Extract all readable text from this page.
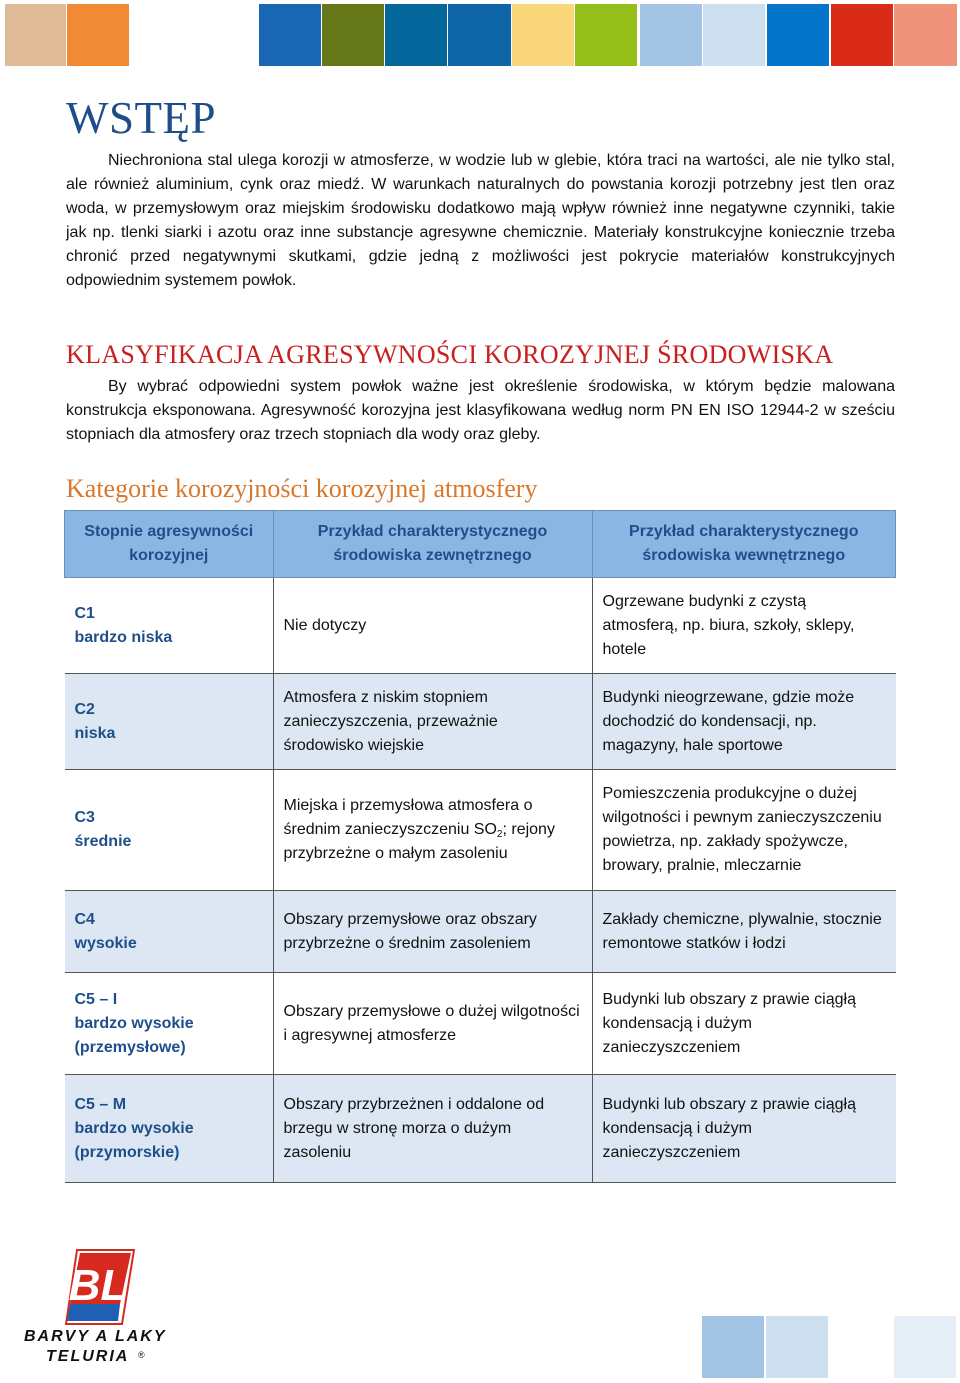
WSTĘP

Niechroniona stal ulega korozji w atmosferze, w wodzie lub w glebie, która traci na wartości, ale nie tylko stal, ale również aluminium, cynk oraz miedź. W warunkach naturalnych do powstania korozji potrzebny jest tlen oraz woda, w przemysłowym oraz miejskim środowisku dodatkowo mają wpływ również inne negatywne czynniki, takie jak np. tlenki siarki i azotu oraz inne substancje agresywne chemicznie. Materiały konstrukcyjne koniecznie trzeba chronić przed negatywnymi skutkami, gdzie jedną z możliwości jest pokrycie materiałów konstrukcyjnych odpowiednim systemem powłok.

KLASYFIKACJA AGRESYWNOŚCI KOROZYJNEJ ŚRODOWISKA

By wybrać odpowiedni system powłok ważne jest określenie środowiska, w którym będzie malowana konstrukcja eksponowana. Agresywność korozyjna jest klasyfikowana według norm PN EN ISO 12944-2 w sześciu stopniach dla atmosfery oraz trzech stopniach dla wody oraz gleby.

Kategorie korozyjności korozyjnej atmosfery
Stopnie agresywności korozyjnej	Przykład charakterystycznego środowiska zewnętrznego	Przykład charakterystycznego środowiska wewnętrznego
C1
bardzo niska	Nie dotyczy	Ogrzewane budynki z czystą atmosferą, np. biura, szkoły, sklepy, hotele
C2
niska	Atmosfera z niskim stopniem zanieczyszczenia, przeważnie środowisko wiejskie	Budynki nieogrzewane, gdzie może dochodzić do kondensacji, np. magazyny, hale sportowe
C3
średnie	Miejska i przemysłowa atmosfera o średnim zanieczyszczeniu $SO_2$; rejony przybrzeżne o małym zasoleniu	Pomieszczenia produkcyjne o dużej wilgotności i pewnym zanieczyszczeniu powietrza, np. zakłady spożywcze, browary, pralnie, mleczarnie
C4
wysokie	Obszary przemysłowe oraz obszary przybrzeżne o średnim zasoleniem	Zakłady chemiczne, plywalnie, stocznie remontowe statków i łodzi
C5 – I
bardzo wysokie
(przemysłowe)	Obszary przemysłowe o dużej wilgotności i agresywnej atmosferze	Budynki lub obszary z prawie ciągłą kondensacją i dużym zanieczyszczeniem
C5 – M
bardzo wysokie
(przymorskie)	Obszary przybrzeżnen i oddalone od brzegu w stronę morza o dużym zasoleniu	Budynki lub obszary z prawie ciągłą kondensacją i dużym zanieczyszczeniem
BL

BARVY A LAKY

TELURIA ®
